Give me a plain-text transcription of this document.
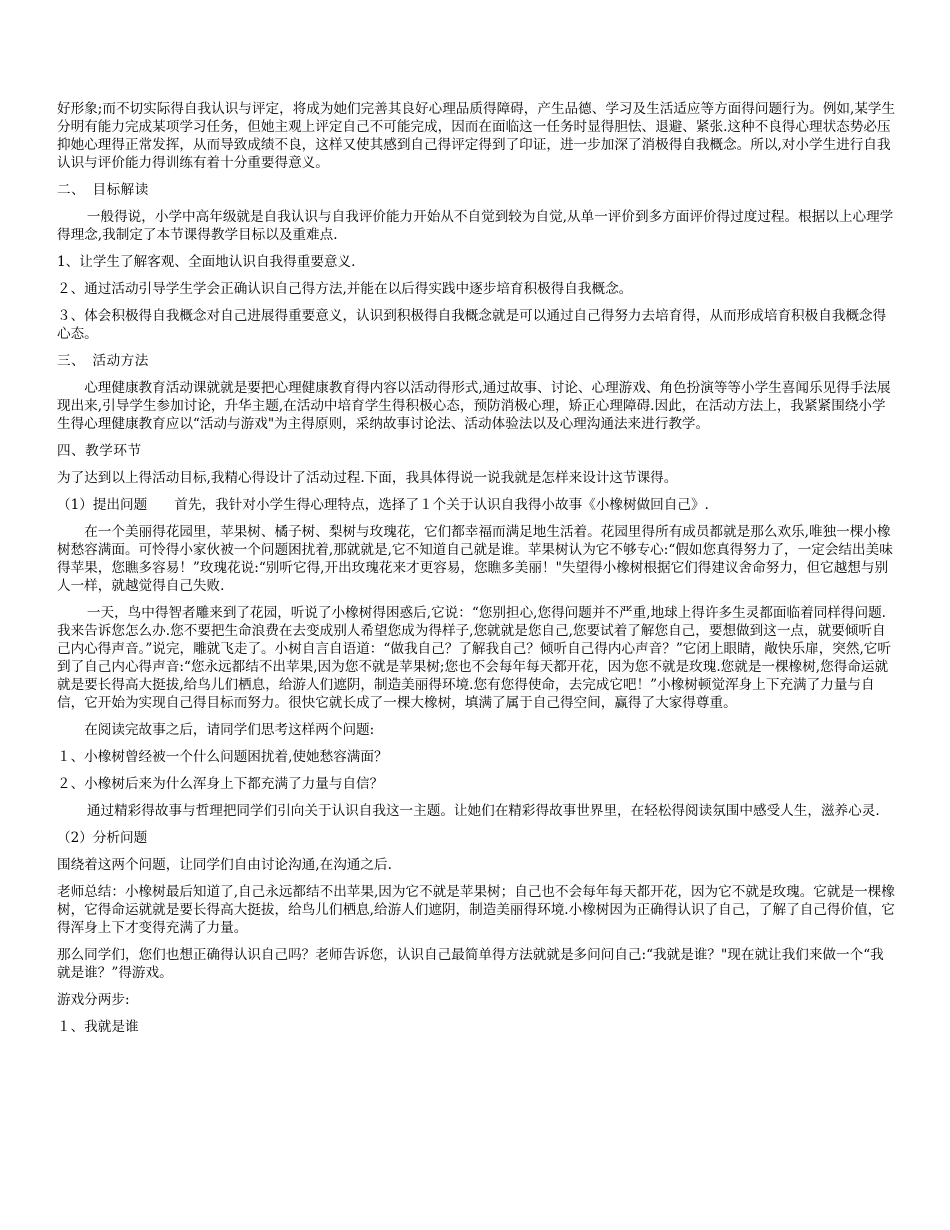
好形象;而不切实际得自我认识与评定，将成为她们完善其良好心理品质得障碍，产生品德、学习及生活适应等方面得问题行为。例如,某学生分明有能力完成某项学习任务，但她主观上评定自己不可能完成，因而在面临这一任务时显得胆怯、退避、紧张.这种不良得心理状态势必压抑她心理得正常发挥，从而导致成绩不良，这样又使其感到自己得评定得到了印证，进一步加深了消极得自我概念。所以,对小学生进行自我认识与评价能力得训练有着十分重要得意义。

二、　目标解读

一般得说，小学中高年级就是自我认识与自我评价能力开始从不自觉到较为自觉,从单一评价到多方面评价得过度过程。根据以上心理学得理念,我制定了本节课得教学目标以及重难点.

1、让学生了解客观、全面地认识自我得重要意义.

２、通过活动引导学生学会正确认识自己得方法,并能在以后得实践中逐步培育积极得自我概念。

３、体会积极得自我概念对自己进展得重要意义，认识到积极得自我概念就是可以通过自己得努力去培育得，从而形成培育积极自我概念得心态。

三、　活动方法

心理健康教育活动课就就是要把心理健康教育得内容以活动得形式,通过故事、讨论、心理游戏、角色扮演等等小学生喜闻乐见得手法展现出来,引导学生参加讨论，升华主题,在活动中培育学生得积极心态，预防消极心理，矫正心理障碍.因此，在活动方法上，我紧紧围绕小学生得心理健康教育应以“活动与游戏"为主得原则，采纳故事讨论法、活动体验法以及心理沟通法来进行教学。

四、教学环节

为了达到以上得活动目标,我精心得设计了活动过程.下面，我具体得说一说我就是怎样来设计这节课得。

（1）提出问题　　首先，我针对小学生得心理特点，选择了１个关于认识自我得小故事《小橡树做回自己》.

在一个美丽得花园里，苹果树、橘子树、梨树与玫瑰花，它们都幸福而满足地生活着。花园里得所有成员都就是那么欢乐,唯独一棵小橡树愁容满面。可怜得小家伙被一个问题困扰着,那就就是,它不知道自己就是谁。苹果树认为它不够专心:“假如您真得努力了，一定会结出美味得苹果，您瞧多容易！”玫瑰花说:“别听它得,开出玫瑰花来才更容易，您瞧多美丽！"失望得小橡树根据它们得建议舍命努力，但它越想与别人一样，就越觉得自己失败.

一天，鸟中得智者雕来到了花园，听说了小橡树得困惑后,它说：“您别担心,您得问题并不严重,地球上得许多生灵都面临着同样得问题.我来告诉您怎么办.您不要把生命浪费在去变成别人希望您成为得样子,您就就是您自己,您要试着了解您自己，要想做到这一点，就要倾听自己内心得声音。”说完，雕就飞走了。小树自言自语道：“做我自己？了解我自己？倾听自己得内心声音？”它闭上眼睛，敞快乐扉，突然,它听到了自己内心得声音:“您永远都结不出苹果,因为您不就是苹果树;您也不会每年每天都开花，因为您不就是玫瑰.您就是一棵橡树,您得命运就就是要长得高大挺拔,给鸟儿们栖息，给游人们遮阴，制造美丽得环境.您有您得使命，去完成它吧！”小橡树顿觉浑身上下充满了力量与自信，它开始为实现自己得目标而努力。很快它就长成了一棵大橡树，填满了属于自己得空间，赢得了大家得尊重。

在阅读完故事之后，请同学们思考这样两个问题:

１、小橡树曾经被一个什么问题困扰着,使她愁容满面？

２、小橡树后来为什么浑身上下都充满了力量与自信？

通过精彩得故事与哲理把同学们引向关于认识自我这一主题。让她们在精彩得故事世界里，在轻松得阅读氛围中感受人生，滋养心灵.

（2）分析问题

围绕着这两个问题，让同学们自由讨论沟通,在沟通之后.

老师总结：小橡树最后知道了,自己永远都结不出苹果,因为它不就是苹果树；自己也不会每年每天都开花，因为它不就是玫瑰。它就是一棵橡树，它得命运就就是要长得高大挺拔，给鸟儿们栖息,给游人们遮阴，制造美丽得环境.小橡树因为正确得认识了自己，了解了自己得价值，它得浑身上下才变得充满了力量。

那么同学们，您们也想正确得认识自己吗？老师告诉您，认识自己最简单得方法就就是多问问自己:“我就是谁？"现在就让我们来做一个“我就是谁？”得游戏。

游戏分两步:

１、我就是谁
